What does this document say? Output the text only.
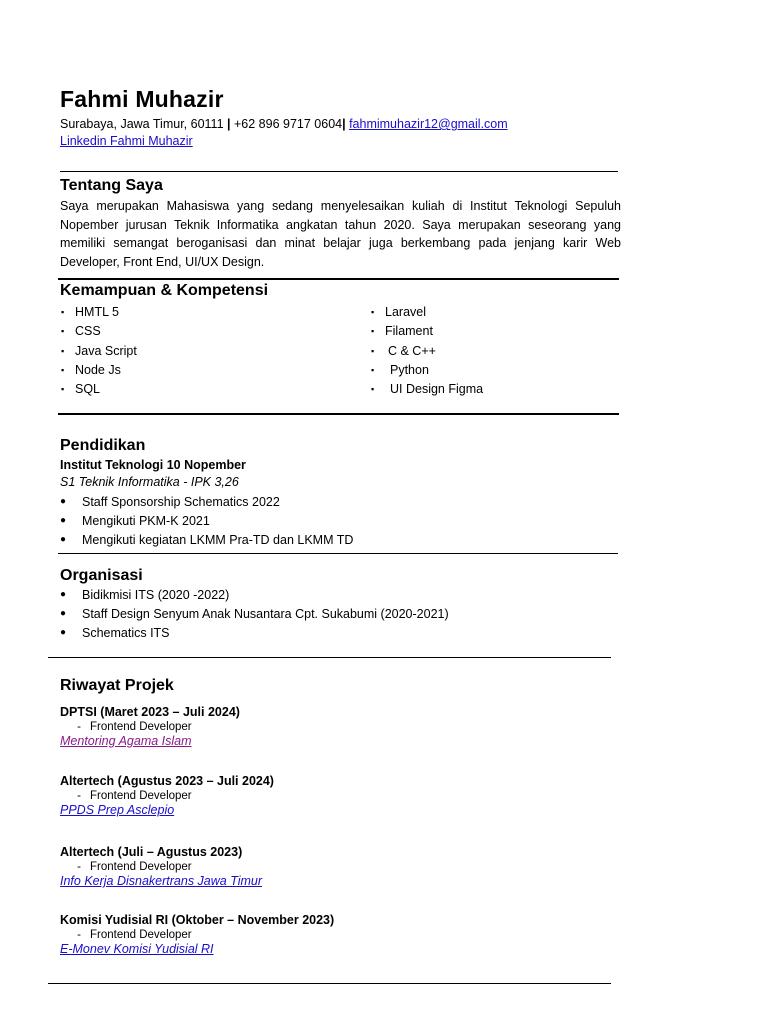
Fahmi Muhazir
Surabaya, Jawa Timur, 60111 | +62 896 9717 0604| fahmimuhazir12@gmail.com
Linkedin Fahmi Muhazir
Tentang Saya
Saya merupakan Mahasiswa yang sedang menyelesaikan kuliah di Institut Teknologi Sepuluh Nopember jurusan Teknik Informatika angkatan tahun 2020. Saya merupakan seseorang yang memiliki semangat beroganisasi dan minat belajar juga berkembang pada jenjang karir Web Developer, Front End, UI/UX Design.
Kemampuan & Kompetensi
▪ HMTL 5
▪ CSS
▪ Java Script
▪ Node Js
▪ SQL
▪ Laravel
▪ Filament
▪	C & C++
▪	Python
▪	UI Design Figma
Pendidikan
Institut Teknologi 10 Nopember
S1 Teknik Informatika - IPK 3,26
●	Staff Sponsorship Schematics 2022
●	Mengikuti PKM-K 2021
●	Mengikuti kegiatan LKMM Pra-TD dan LKMM TD
Organisasi
●	Bidikmisi ITS (2020 -2022)
●	Staff Design Senyum Anak Nusantara Cpt. Sukabumi (2020-2021)
●	Schematics ITS
Riwayat Projek
DPTSI (Maret 2023 – Juli 2024)
- Frontend Developer
Mentoring Agama Islam
Altertech (Agustus 2023 – Juli 2024)
- Frontend Developer
PPDS Prep Asclepio
Altertech (Juli – Agustus 2023)
- Frontend Developer
Info Kerja Disnakertrans Jawa Timur
Komisi Yudisial RI (Oktober – November 2023)
- Frontend Developer
E-Monev Komisi Yudisial RI
